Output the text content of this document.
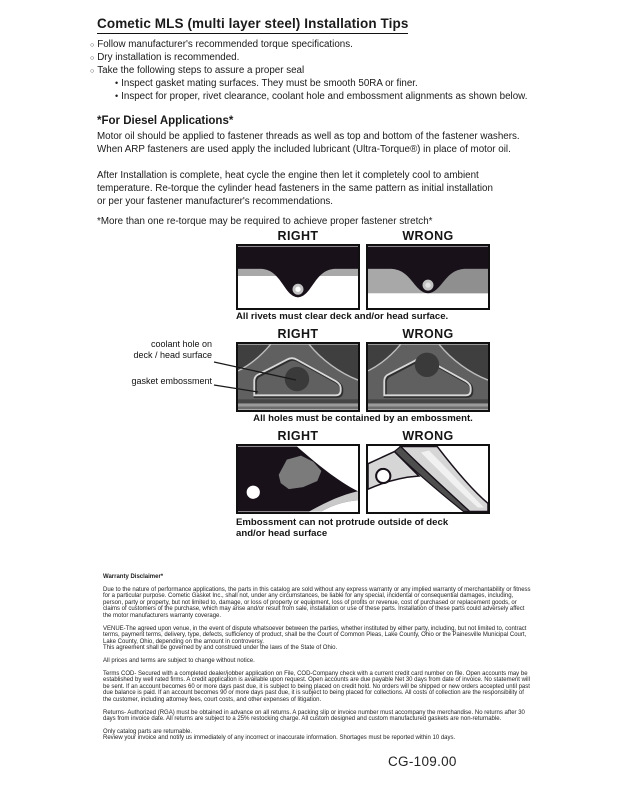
Cometic MLS (multi layer steel) Installation Tips
○ Follow manufacturer's recommended torque specifications.
○ Dry installation is recommended.
○ Take the following steps to assure a proper seal
• Inspect gasket mating surfaces. They must be smooth 50RA or finer.
• Inspect for proper, rivet clearance, coolant hole and embossment alignments as shown below.
*For Diesel Applications*
Motor oil should be applied to fastener threads as well as top and bottom of the fastener washers.
When ARP fasteners are used apply the included lubricant (Ultra-Torque®) in place of motor oil.
After Installation is complete, heat cycle the engine then let it completely cool to ambient
temperature. Re-torque the cylinder head fasteners in the same pattern as initial installation
or per your fastener manufacturer's recommendations.
*More than one re-torque may be required to achieve proper fastener stretch*
RIGHT	WRONG
All rivets must clear deck and/or head surface.
RIGHT	WRONG
coolant hole on
deck / head surface
gasket embossment
All holes must be contained by an embossment.
RIGHT	WRONG
Embossment can not protrude outside of deck
and/or head surface
Warranty Disclaimer*

Due to the nature of performance applications, the parts in this catalog are sold without any express warranty or any implied warranty of merchantability or fitness for a particular purpose. Cometic Gasket Inc., shall not, under any circumstances, be liable for any special, incidental or consequential damages, including, person, party or property, but not limited to, damage, or loss of property or equipment, loss of profits or revenue, cost of purchased or replacement goods, or claims of customers of the purchase, which may arise and/or result from sale, installation or use of these parts. Installation of these parts could adversely affect the motor manufacturers warranty coverage.

VENUE-The agreed upon venue, in the event of dispute whatsoever between the parties, whether instituted by either party, including, but not limited to, contract terms, payment terms, delivery, type, defects, sufficiency of product, shall be the Court of Common Pleas, Lake County, Ohio or the Painesville Municipal Court, Lake County, Ohio, depending on the amount in controversy.

This agreement shall be governed by and construed under the laws of the State of Ohio.

All prices and terms are subject to change without notice.

Terms COD- Secured with a completed dealer/jobber application on File, COD-Company check with a current credit card number on file. Open accounts may be established by well rated firms. A credit application is available upon request. Open accounts are due payable Net 30 days from date of invoice. No statement will be sent. If an account becomes 60 or more days past due, it is subject to being placed on credit hold. No orders will be shipped or new orders accepted until past due balance is paid. If an account becomes 90 or more days past due, it is subject to being placed for collections. All costs of collection are the responsibility of the customer, including attorney fees, court costs, and other expenses of litigation.

Returns- Authorized (RGA) must be obtained in advance on all returns. A packing slip or invoice number must accompany the merchandise. No returns after 30 days from invoice date. All returns are subject to a 25% restocking charge. All custom designed and custom manufactured gaskets are non-returnable.

Only catalog parts are returnable.

Review your invoice and notify us immediately of any incorrect or inaccurate information. Shortages must be reported within 10 days.

CG-109.00
